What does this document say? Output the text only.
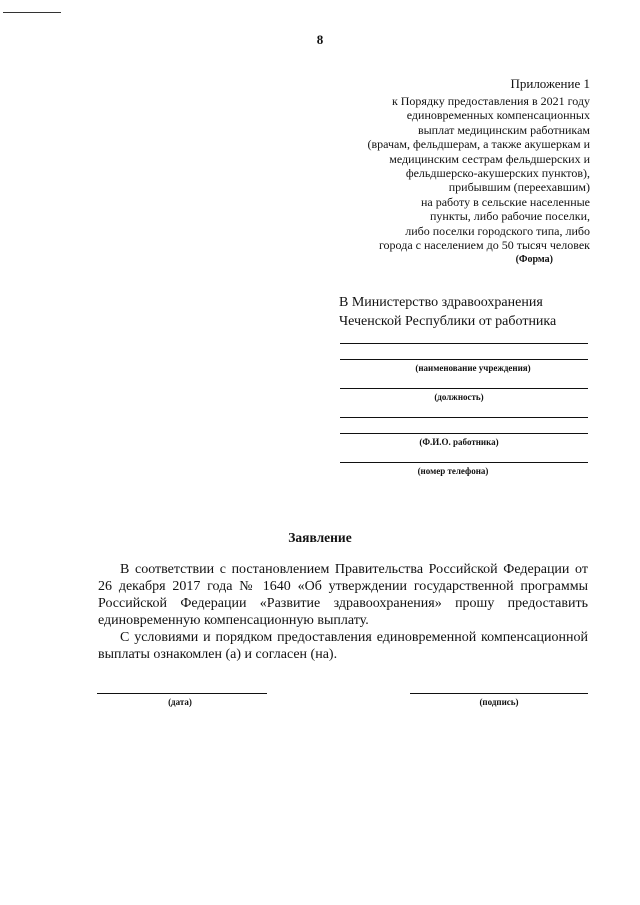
8
Приложение 1
к Порядку предоставления в 2021 году
единовременных компенсационных
выплат медицинским работникам
(врачам, фельдшерам, а также акушеркам и
медицинским сестрам фельдшерских и
фельдшерско-акушерских пунктов),
прибывшим (переехавшим)
на работу в сельские населенные
пункты, либо рабочие поселки,
либо поселки городского типа, либо
города с населением до 50 тысяч человек
(Форма)
В Министерство здравоохранения
Чеченской Республики от работника
(наименование учреждения)
(должность)
(Ф.И.О. работника)
(номер телефона)
Заявление

В соответствии с постановлением Правительства Российской Федерации от 26 декабря 2017 года № 1640 «Об утверждении государственной программы Российской Федерации «Развитие здравоохранения» прошу предоставить единовременную компенсационную выплату.

С условиями и порядком предоставления единовременной компенсационной выплаты ознакомлен (а) и согласен (на).

(дата)	(подпись)
